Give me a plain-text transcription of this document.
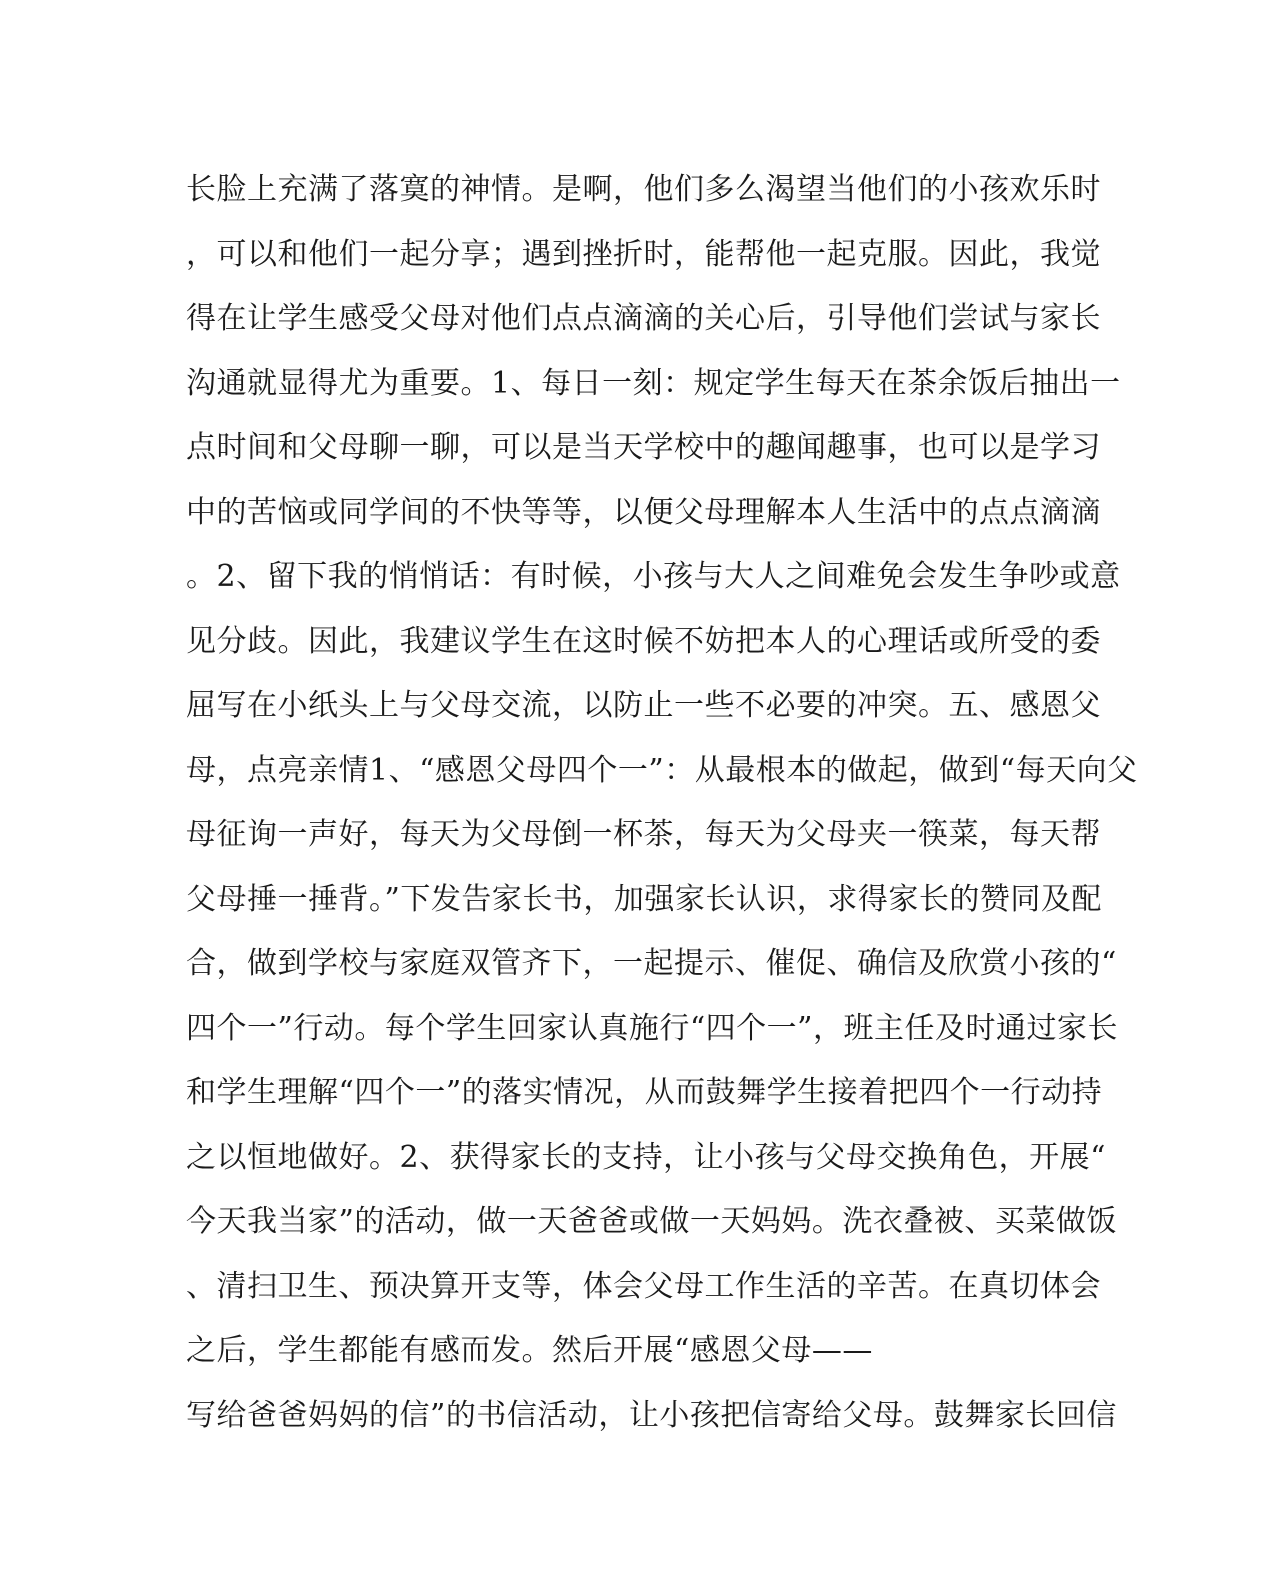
长脸上充满了落寞的神情。是啊，他们多么渴望当他们的小孩欢乐时
，可以和他们一起分享；遇到挫折时，能帮他一起克服。因此，我觉
得在让学生感受父母对他们点点滴滴的关心后，引导他们尝试与家长
沟通就显得尤为重要。1、每日一刻：规定学生每天在茶余饭后抽出一
点时间和父母聊一聊，可以是当天学校中的趣闻趣事，也可以是学习
中的苦恼或同学间的不快等等，以便父母理解本人生活中的点点滴滴
。2、留下我的悄悄话：有时候，小孩与大人之间难免会发生争吵或意
见分歧。因此，我建议学生在这时候不妨把本人的心理话或所受的委
屈写在小纸头上与父母交流，以防止一些不必要的冲突。五、感恩父
母，点亮亲情1、“感恩父母四个一”：从最根本的做起，做到“每天向父
母征询一声好，每天为父母倒一杯茶，每天为父母夹一筷菜，每天帮
父母捶一捶背。”下发告家长书，加强家长认识，求得家长的赞同及配
合，做到学校与家庭双管齐下，一起提示、催促、确信及欣赏小孩的“
四个一”行动。每个学生回家认真施行“四个一”，班主任及时通过家长
和学生理解“四个一”的落实情况，从而鼓舞学生接着把四个一行动持
之以恒地做好。2、获得家长的支持，让小孩与父母交换角色，开展“
今天我当家”的活动，做一天爸爸或做一天妈妈。洗衣叠被、买菜做饭
、清扫卫生、预决算开支等，体会父母工作生活的辛苦。在真切体会
之后，学生都能有感而发。然后开展“感恩父母——
写给爸爸妈妈的信”的书信活动，让小孩把信寄给父母。鼓舞家长回信
